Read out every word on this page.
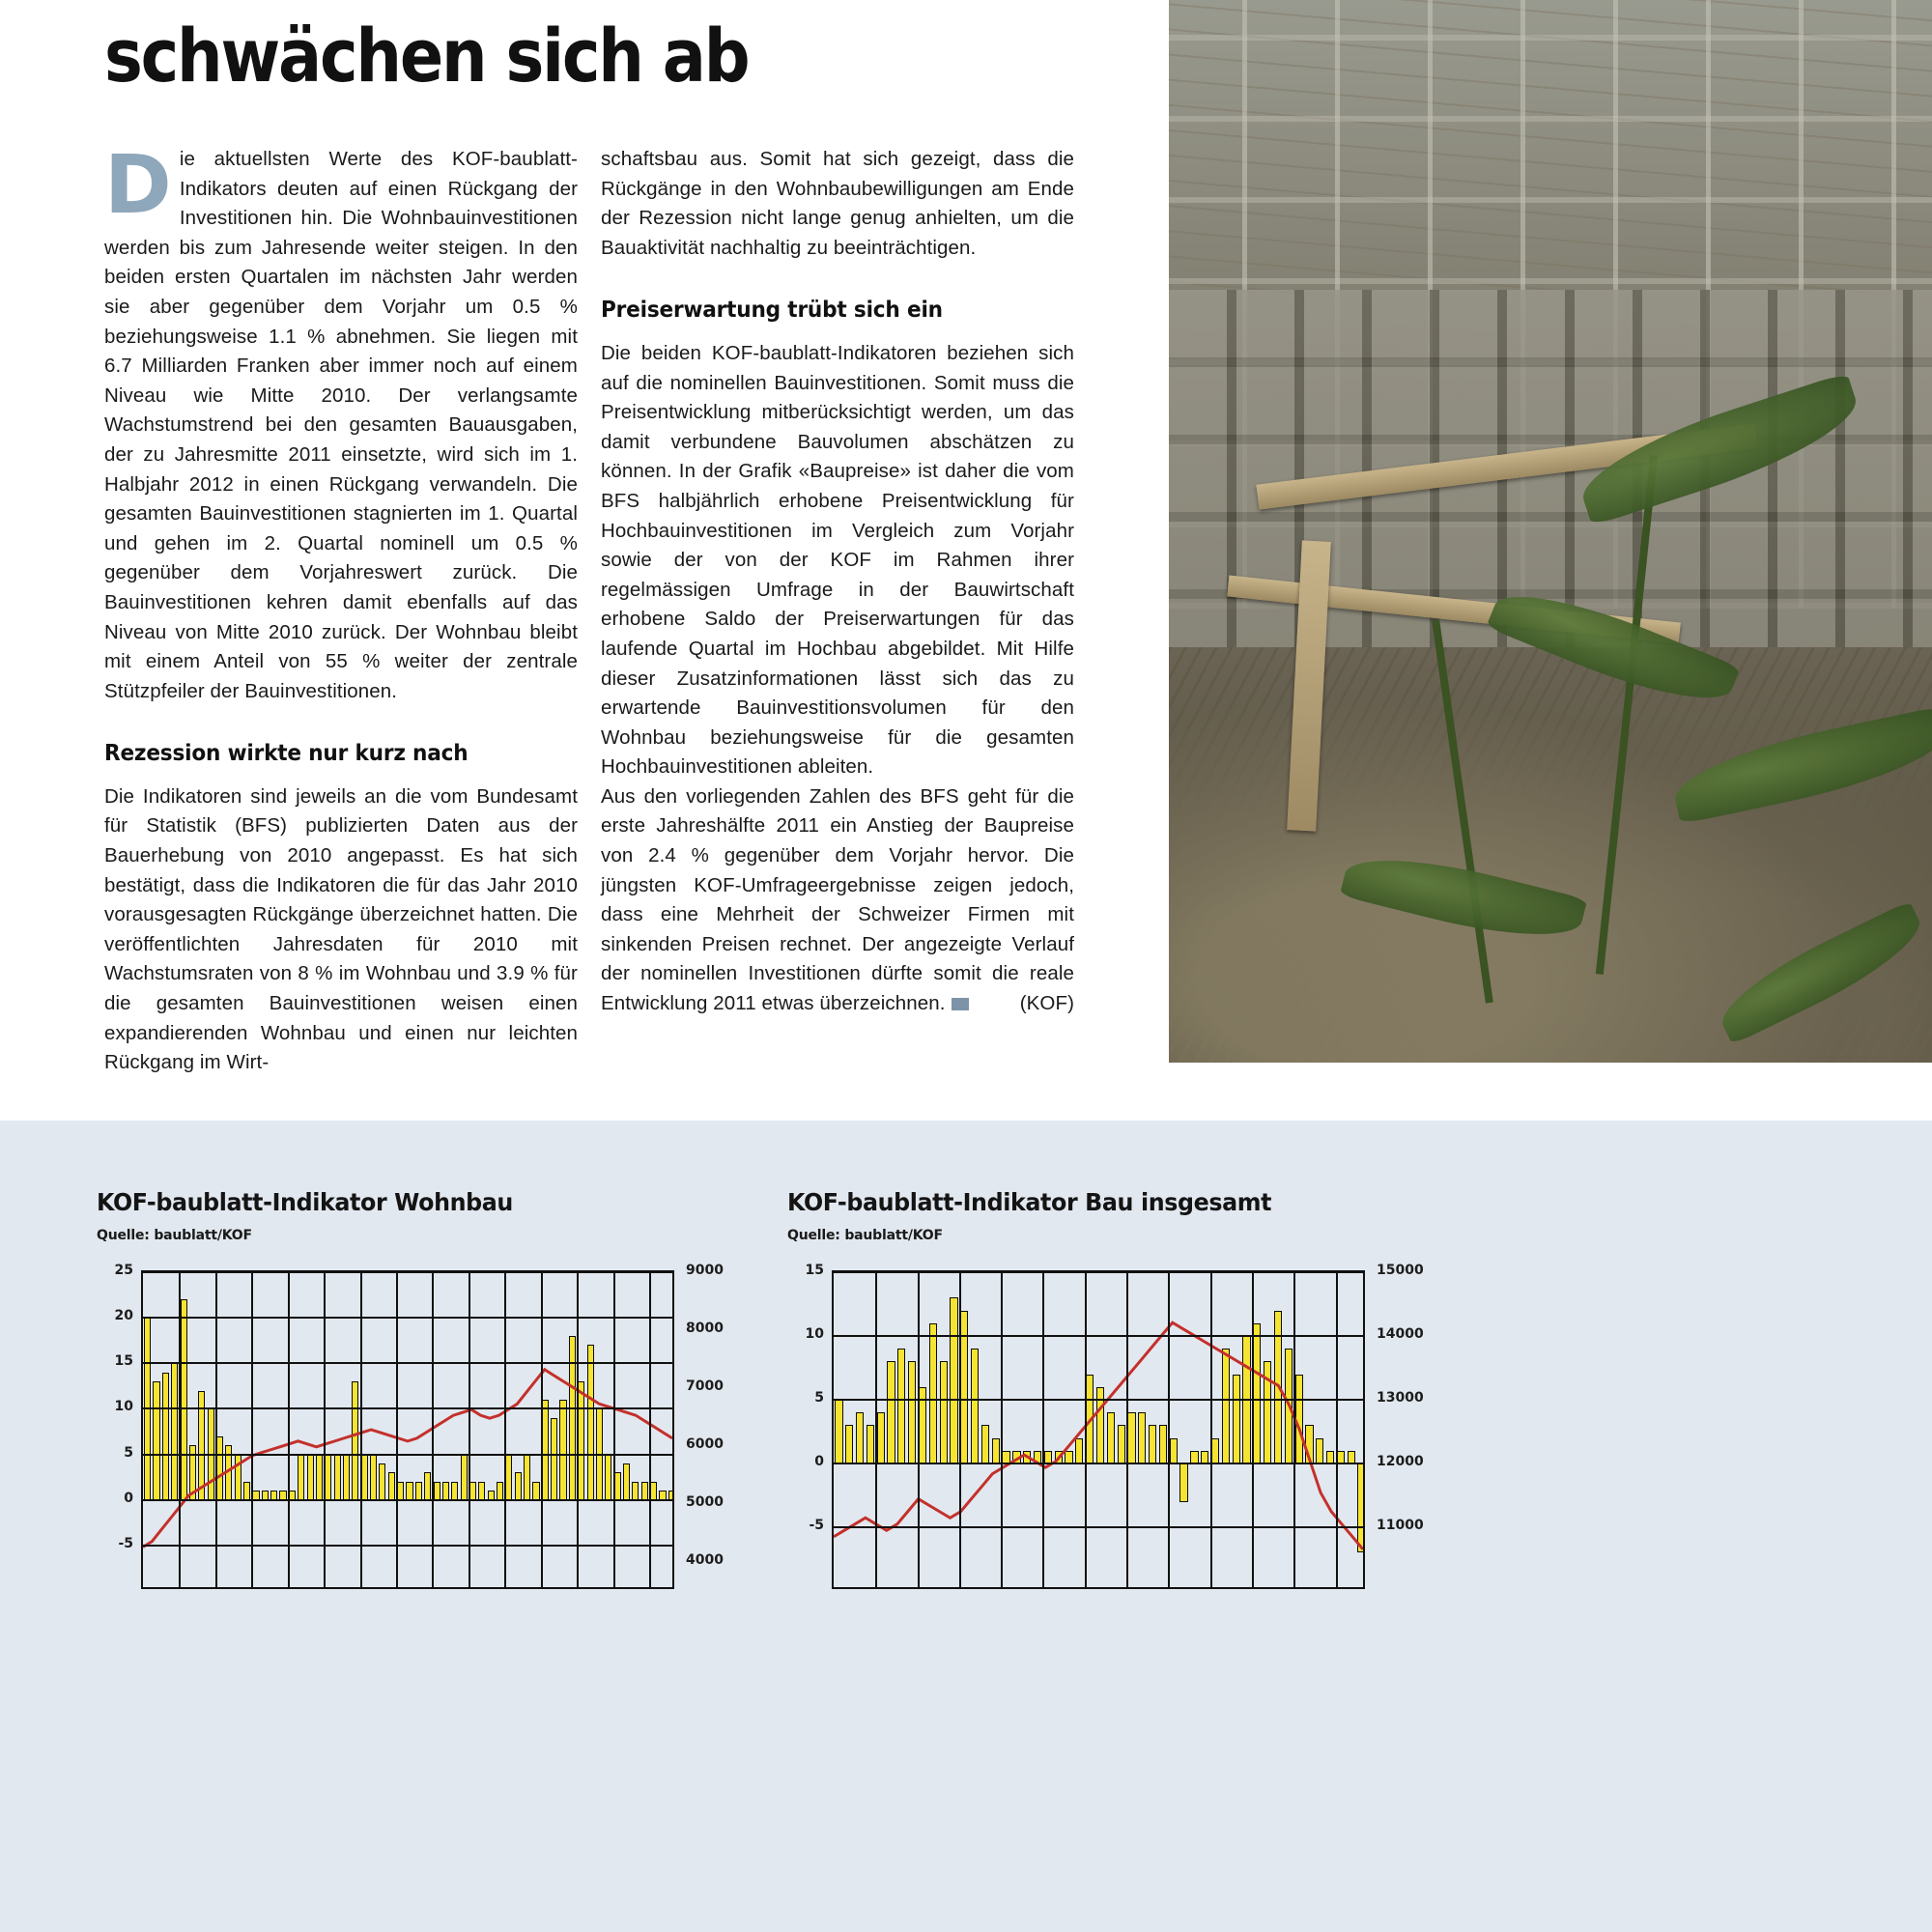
schwächen sich ab

Die aktuellsten Werte des KOF-baublatt-Indikators deuten auf einen Rückgang der Investitionen hin. Die Wohnbauinvestitionen werden bis zum Jahresende weiter steigen. In den beiden ersten Quartalen im nächsten Jahr werden sie aber gegenüber dem Vorjahr um 0.5 % beziehungsweise 1.1 % abnehmen. Sie liegen mit 6.7 Milliarden Franken aber immer noch auf einem Niveau wie Mitte 2010. Der verlangsamte Wachstumstrend bei den gesamten Bauausgaben, der zu Jahresmitte 2011 einsetzte, wird sich im 1. Halbjahr 2012 in einen Rückgang verwandeln. Die gesamten Bauinvestitionen stagnierten im 1. Quartal und gehen im 2. Quartal nominell um 0.5 % gegenüber dem Vorjahreswert zurück. Die Bauinvestitionen kehren damit ebenfalls auf das Niveau von Mitte 2010 zurück. Der Wohnbau bleibt mit einem Anteil von 55 % weiter der zentrale Stützpfeiler der Bauinvestitionen.

Rezession wirkte nur kurz nach

Die Indikatoren sind jeweils an die vom Bundesamt für Statistik (BFS) publizierten Daten aus der Bauerhebung von 2010 angepasst. Es hat sich bestätigt, dass die Indikatoren die für das Jahr 2010 vorausgesagten Rückgänge überzeichnet hatten. Die veröffentlichten Jahresdaten für 2010 mit Wachstumsraten von 8 % im Wohnbau und 3.9 % für die gesamten Bauinvestitionen weisen einen expandierenden Wohnbau und einen nur leichten Rückgang im Wirt-

schaftsbau aus. Somit hat sich gezeigt, dass die Rückgänge in den Wohnbaubewilligungen am Ende der Rezession nicht lange genug anhielten, um die Bauaktivität nachhaltig zu beeinträchtigen.

Preiserwartung trübt sich ein

Die beiden KOF-baublatt-Indikatoren beziehen sich auf die nominellen Bauinvestitionen. Somit muss die Preisentwicklung mitberücksichtigt werden, um das damit verbundene Bauvolumen abschätzen zu können. In der Grafik «Baupreise» ist daher die vom BFS halbjährlich erhobene Preisentwicklung für Hochbauinvestitionen im Vergleich zum Vorjahr sowie der von der KOF im Rahmen ihrer regelmässigen Umfrage in der Bauwirtschaft erhobene Saldo der Preiserwartungen für das laufende Quartal im Hochbau abgebildet. Mit Hilfe dieser Zusatzinformationen lässt sich das zu erwartende Bauinvestitionsvolumen für den Wohnbau beziehungsweise für die gesamten Hochbauinvestitionen ableiten.

Aus den vorliegenden Zahlen des BFS geht für die erste Jahreshälfte 2011 ein Anstieg der Baupreise von 2.4 % gegenüber dem Vorjahr hervor. Die jüngsten KOF-Umfrageergebnisse zeigen jedoch, dass eine Mehrheit der Schweizer Firmen mit sinkenden Preisen rechnet. Der angezeigte Verlauf der nominellen Investitionen dürfte somit die reale Entwicklung 2011 etwas überzeichnen.	(KOF)

KOF-baublatt-Indikator Wohnbau
Quelle: baublatt/KOF
25
20
15
10
5
0
-5
9000
8000
7000
6000
5000
4000
KOF-baublatt-Indikator Bau insgesamt
Quelle: baublatt/KOF
15
10
5
0
-5
15000
14000
13000
12000
11000
